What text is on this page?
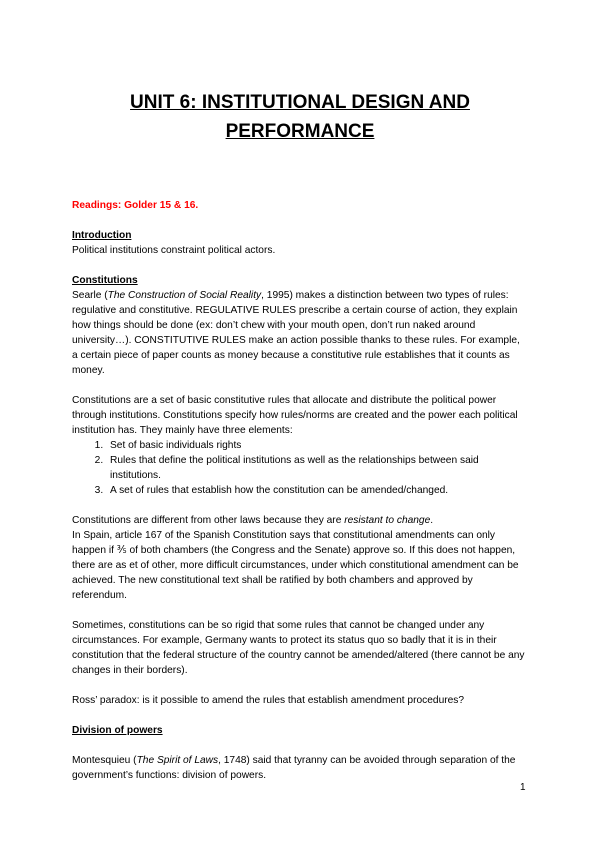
UNIT 6: INSTITUTIONAL DESIGN AND PERFORMANCE

Readings: Golder 15 & 16.

Introduction

Political institutions constraint political actors.

Constitutions

Searle (The Construction of Social Reality, 1995) makes a distinction between two types of rules: regulative and constitutive. REGULATIVE RULES prescribe a certain course of action, they explain how things should be done (ex: don’t chew with your mouth open, don’t run naked around university…). CONSTITUTIVE RULES make an action possible thanks to these rules. For example, a certain piece of paper counts as money because a constitutive rule establishes that it counts as money.

Constitutions are a set of basic constitutive rules that allocate and distribute the political power through institutions. Constitutions specify how rules/norms are created and the power each political institution has. They mainly have three elements:

1. Set of basic individuals rights
2. Rules that define the political institutions as well as the relationships between said institutions.
3. A set of rules that establish how the constitution can be amended/changed.

Constitutions are different from other laws because they are resistant to change.

In Spain, article 167 of the Spanish Constitution says that constitutional amendments can only happen if ⅗ of both chambers (the Congress and the Senate) approve so. If this does not happen, there are as et of other, more difficult circumstances, under which constitutional amendment can be achieved. The new constitutional text shall be ratified by both chambers and approved by referendum.

Sometimes, constitutions can be so rigid that some rules that cannot be changed under any circumstances. For example, Germany wants to protect its status quo so badly that it is in their constitution that the federal structure of the country cannot be amended/altered (there cannot be any changes in their borders).

Ross’ paradox: is it possible to amend the rules that establish amendment procedures?

Division of powers

Montesquieu (The Spirit of Laws, 1748) said that tyranny can be avoided through separation of the government’s functions: division of powers.

1
